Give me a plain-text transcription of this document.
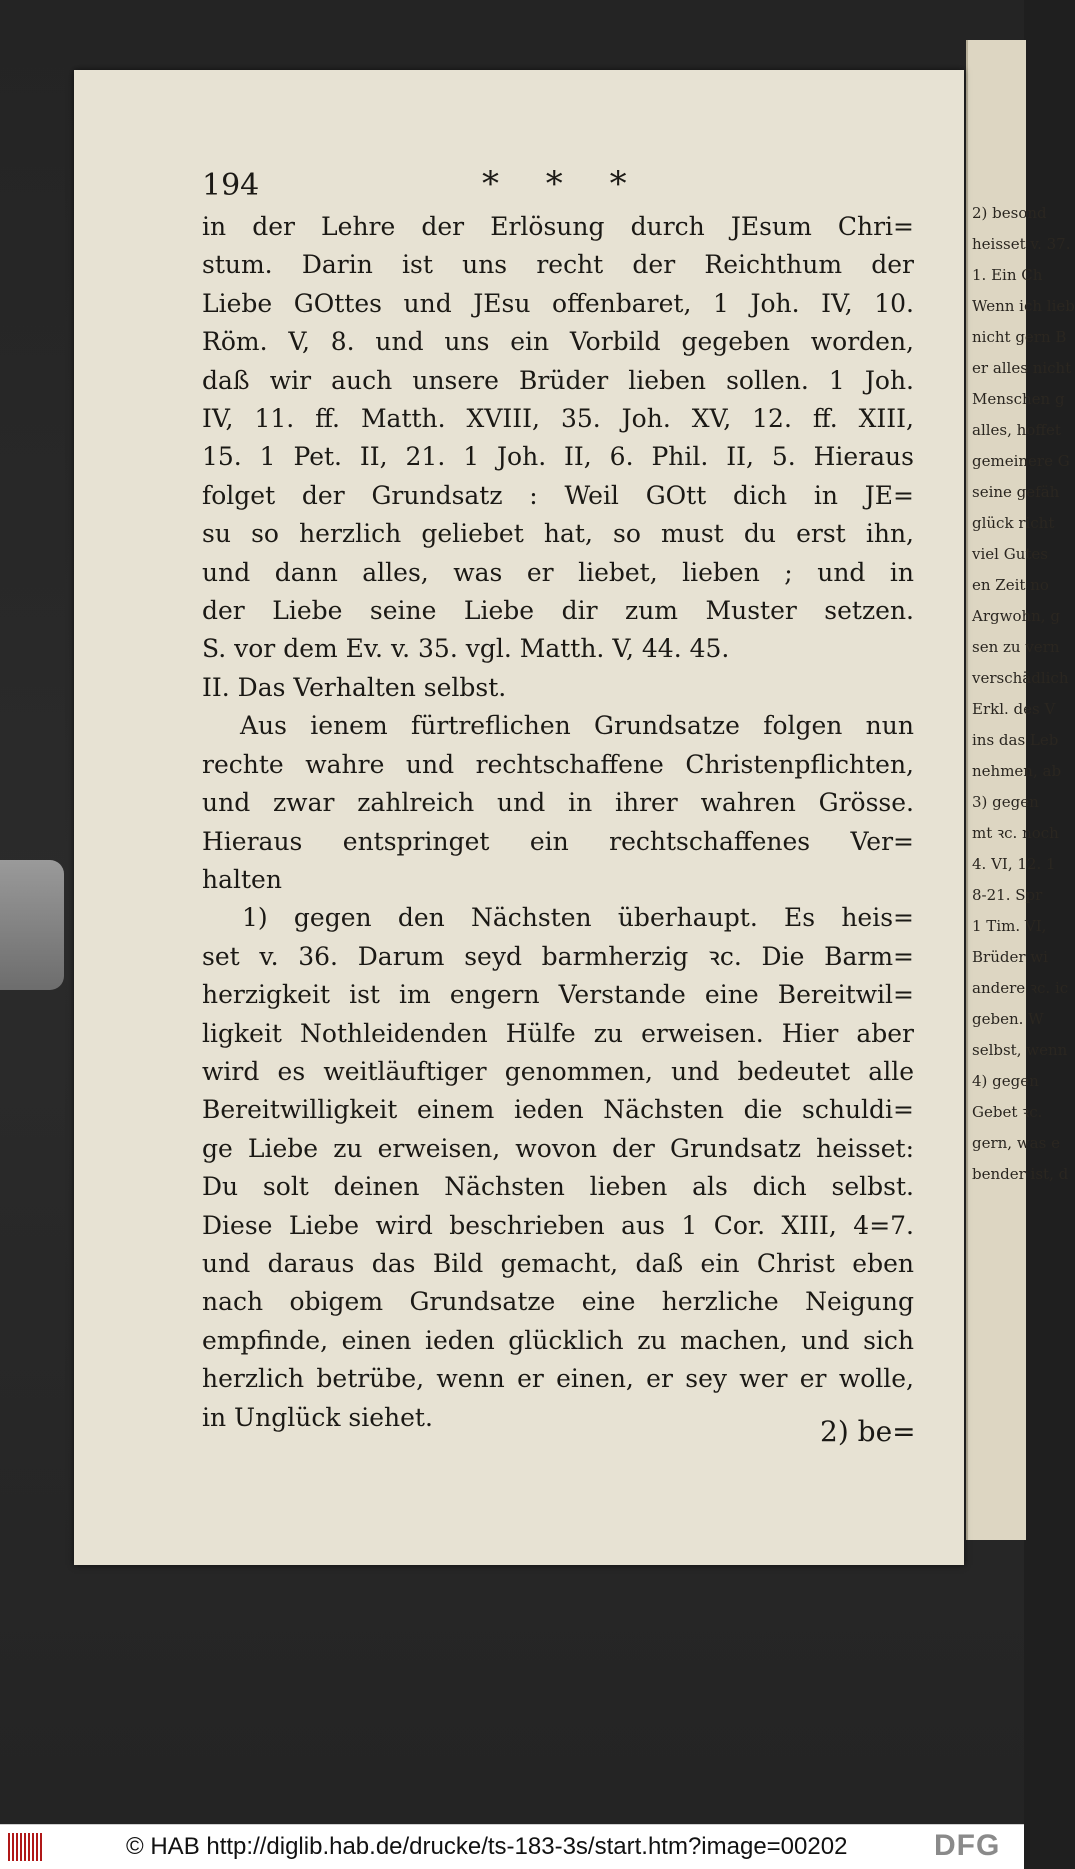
2) besond
heisset v. 37.
1. Ein Ch
Wenn ich lieb
nicht gern B
er alles nicht
Menschen g
alles, hoffet
gemeinere G
seine gefäh
glück richt
viel Gutes
en Zeit no
Argwohn, g
sen zu vern
verschädlich
Erkl. des V
ins das Leb
nehmen, ab
3) gegen
mt ꝛc. noch
4. VI, 12. 1
8-21. Spr
1 Tim. VI,
Brüder wi
andere ꝛc. ic
geben. W
selbst, wenn
4) gegen
Gebet ꝛc.
gern, was e
bender ist, d
194	* * *
in der Lehre der Erlösung durch JEsum Chri=
stum. Darin ist uns recht der Reichthum der
Liebe GOttes und JEsu offenbaret, 1 Joh. IV, 10.
Röm. V, 8. und uns ein Vorbild gegeben worden,
daß wir auch unsere Brüder lieben sollen. 1 Joh.
IV, 11. ff. Matth. XVIII, 35. Joh. XV, 12. ff. XIII,
15. 1 Pet. II, 21. 1 Joh. II, 6. Phil. II, 5. Hieraus
folget der Grundsatz : Weil GOtt dich in JE=
su so herzlich geliebet hat, so must du erst ihn,
und dann alles, was er liebet, lieben ; und in
der Liebe seine Liebe dir zum Muster setzen.
S. vor dem Ev. v. 35. vgl. Matth. V, 44. 45.
II. Das Verhalten selbst.
Aus ienem fürtreflichen Grundsatze folgen nun
rechte wahre und rechtschaffene Christenpflichten,
und zwar zahlreich und in ihrer wahren Grösse.
Hieraus entspringet ein rechtschaffenes Ver=
halten
1) gegen den Nächsten überhaupt. Es heis=
set v. 36. Darum seyd barmherzig ꝛc. Die Barm=
herzigkeit ist im engern Verstande eine Bereitwil=
ligkeit Nothleidenden Hülfe zu erweisen. Hier aber
wird es weitläuftiger genommen, und bedeutet alle
Bereitwilligkeit einem ieden Nächsten die schuldi=
ge Liebe zu erweisen, wovon der Grundsatz heisset:
Du solt deinen Nächsten lieben als dich selbst.
Diese Liebe wird beschrieben aus 1 Cor. XIII, 4=7.
und daraus das Bild gemacht, daß ein Christ eben
nach obigem Grundsatze eine herzliche Neigung
empfinde, einen ieden glücklich zu machen, und sich
herzlich betrübe, wenn er einen, er sey wer er wolle,
in Unglück siehet.	2) be=
© HAB http://diglib.hab.de/drucke/ts-183-3s/start.htm?image=00202	DFG
